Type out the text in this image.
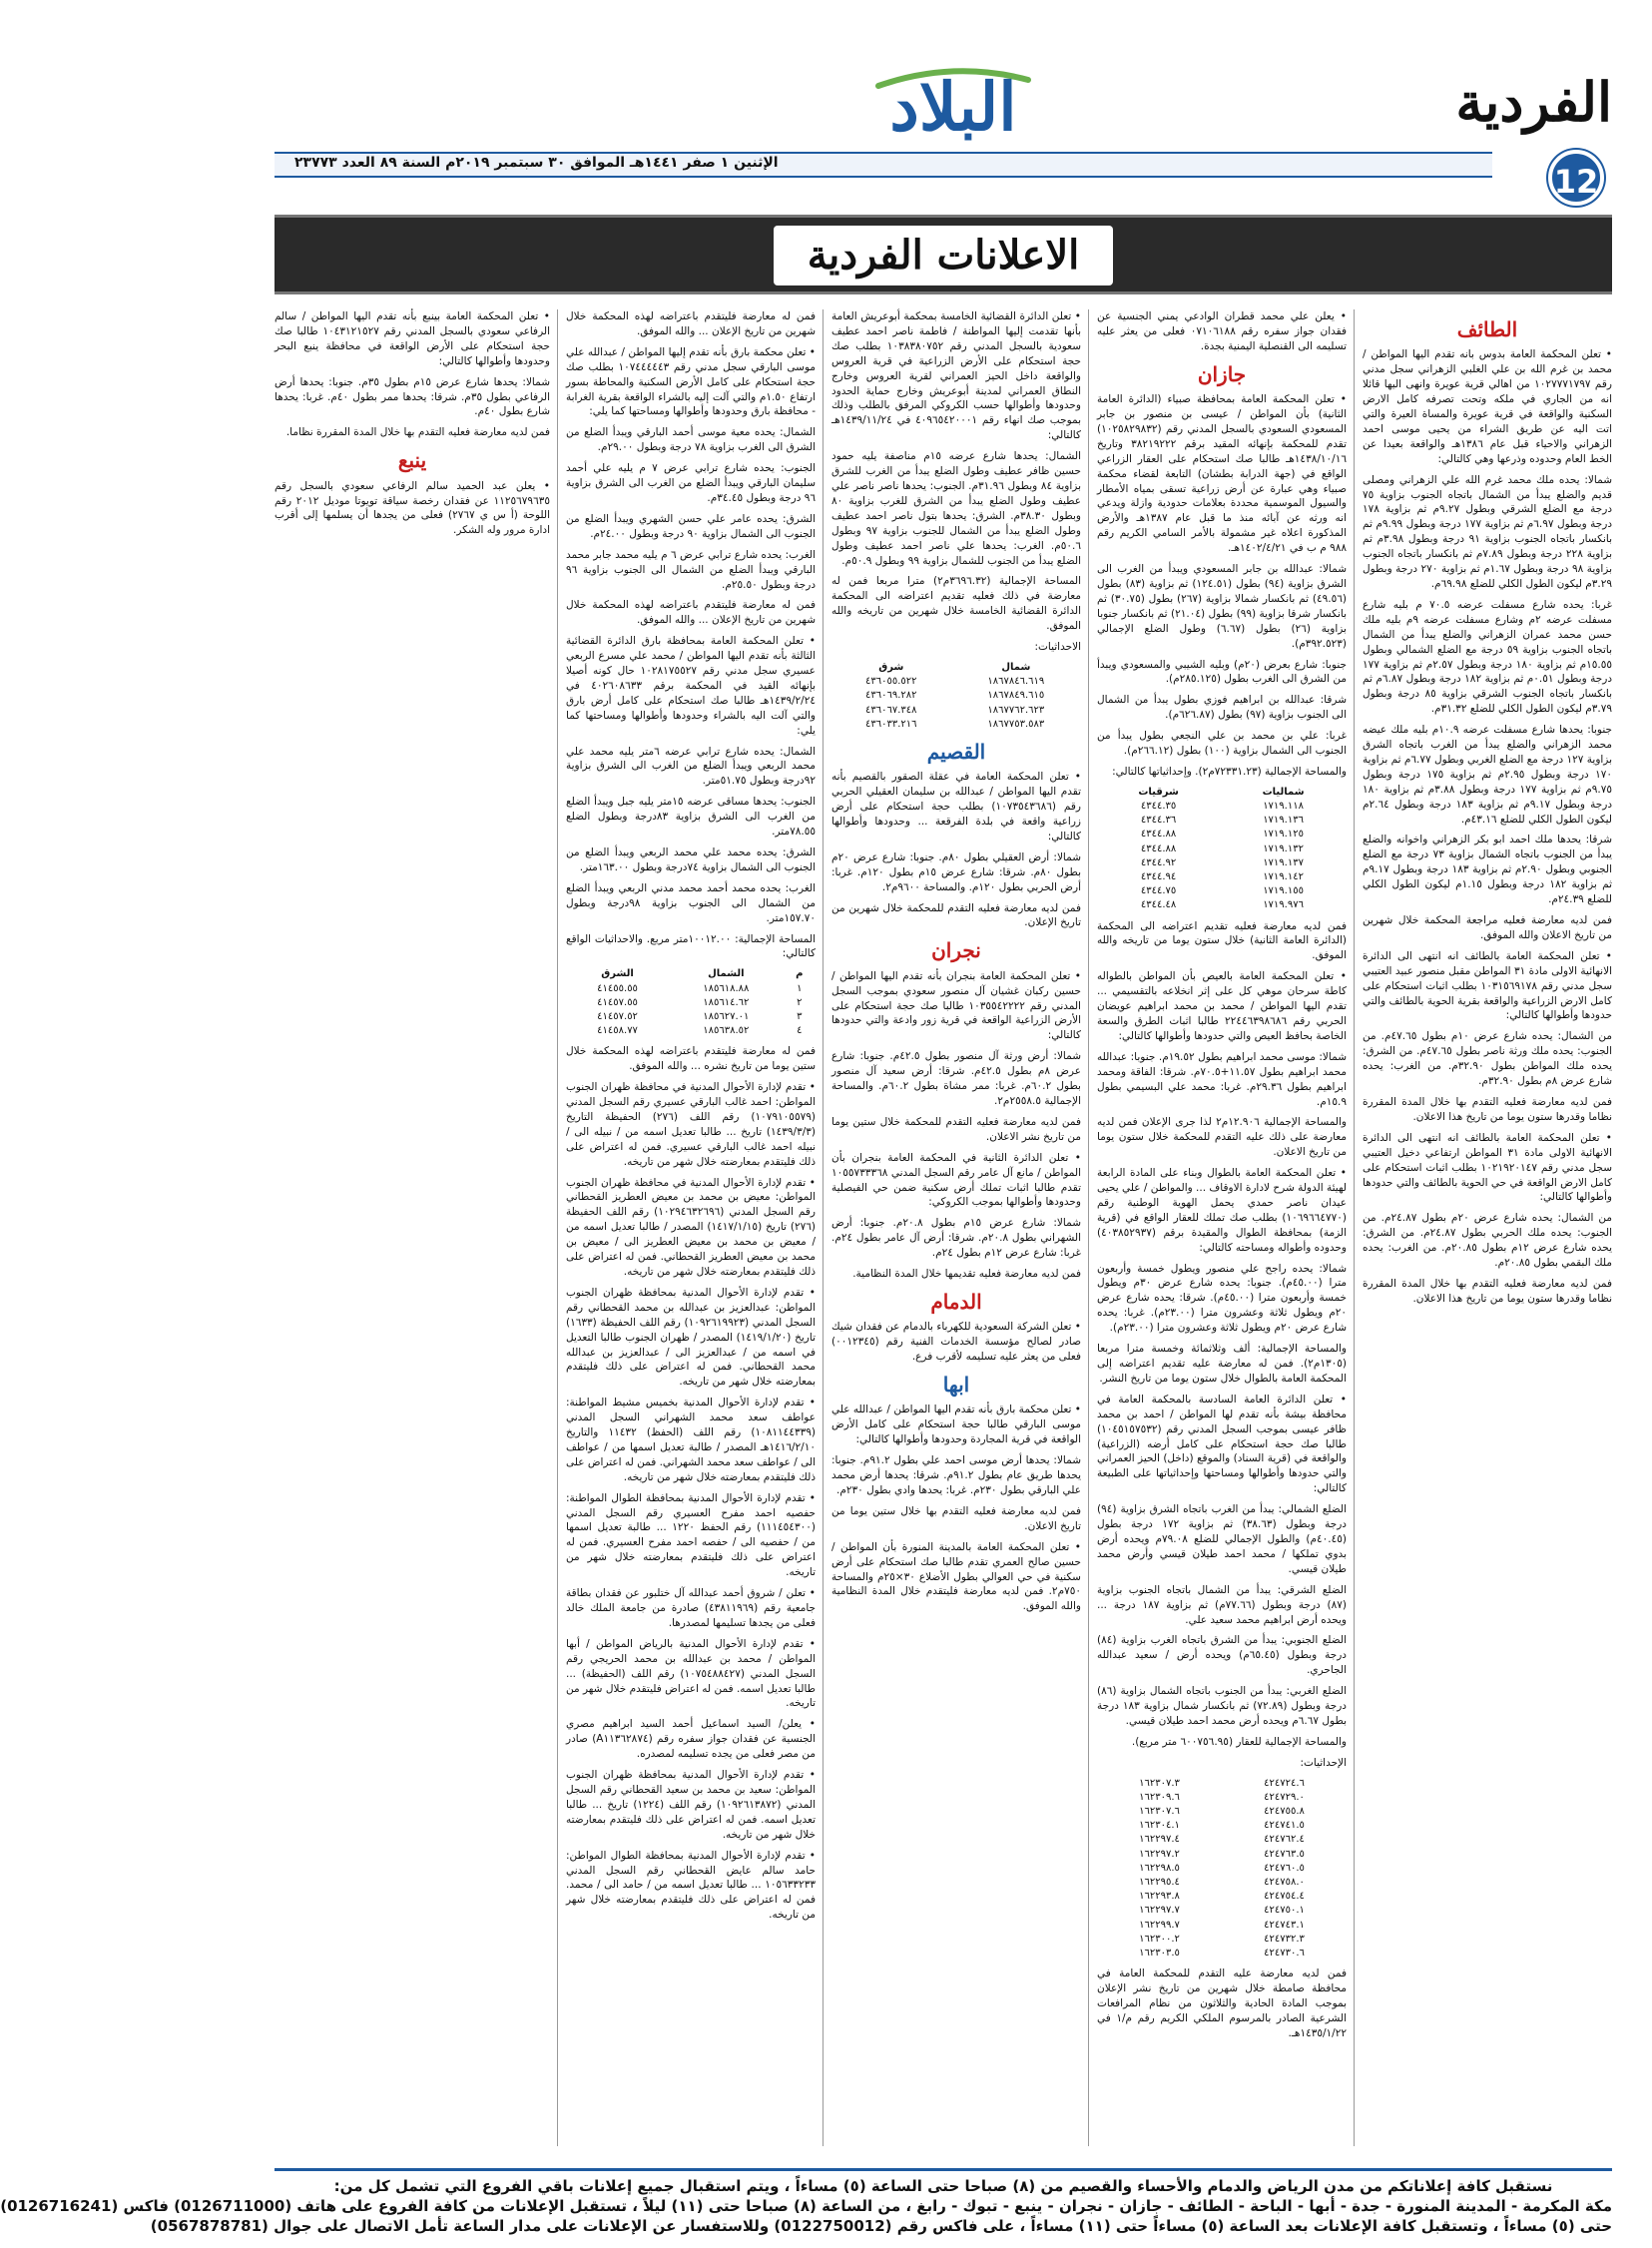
الفردية
12
البلاد
الإثنين ١ صفر ١٤٤١هـ الموافق ٣٠ سبتمبر ٢٠١٩م السنة ٨٩ العدد ٢٣٧٧٣
الاعلانات الفردية
الطائف

• تعلن المحكمة العامة بدوس بانه تقدم اليها المواطن / محمد بن غرم الله بن علي الغلبي الزهراني سجل مدني رقم ١٠٢٧٧٧١٧٩٧ من اهالي قرية عويرة وانهى اليها قائلا انه من الجاري في ملكه وتحت تصرفه كامل الارض السكنية والواقعة في قرية عويرة والمساة العيرة والتي اتت اليه عن طريق الشراء من يحيى موسى احمد الزهراني والاحياء قبل عام ١٣٨٦هـ والواقعة بعيدا عن الخط العام وحدوده وذرعها وهي كالتالي:

شمالا: يحده ملك محمد غرم الله علي الزهراني ومصلى قديم والضلع يبدأ من الشمال باتجاه الجنوب بزاوية ٧٥ درجة مع الضلع الشرقي وبطول ٩.٢٧م ثم بزاوية ١٧٨ درجة وبطول ٦.٩٧م ثم بزاوية ١٧٧ درجة وبطول ٩.٩٩م ثم بانكسار باتجاه الجنوب بزاوية ٩١ درجة وبطول ٣.٩٨م ثم بزاوية ٢٢٨ درجة وبطول ٧.٨٩م ثم بانكسار باتجاه الجنوب بزاوية ٩٨ درجة وبطول ١.٦٧م ثم بزاوية ٢٧٠ درجة وبطول ٣.٢٩م ليكون الطول الكلي للضلع ٦٩.٩٨م.

غربا: يحده شارع مسفلت عرضه ٧٠.٥ م بليه شارع مسفلت عرضه ٢م وشارع مسفلت عرضه ٩م بليه ملك حسن محمد عمران الزهراني والضلع يبدأ من الشمال باتجاه الجنوب بزاوية ٥٩ درجة مع الضلع الشمالي وبطول ١٥.٥٥م ثم بزاوية ١٨٠ درجة وبطول ٢.٥٧م ثم بزاوية ١٧٧ درجة وبطول ٠.٥١م ثم بزاوية ١٨٢ درجة وبطول ٦.٨٧م ثم بانكسار باتجاه الجنوب الشرقي بزاوية ٨٥ درجة وبطول ٣.٧٩م ليكون الطول الكلي للضلع ٣١.٣٢م.

جنوبا: يحدها شارع مسفلت عرضه ١٠.٩م بليه ملك عيضه محمد الزهراني والضلع يبدأ من الغرب باتجاه الشرق بزاوية ١٢٧ درجة مع الضلع الغربي وبطول ٦.٧٧م ثم بزاوية ١٧٠ درجة وبطول ٢.٩٥م ثم بزاوية ١٧٥ درجة وبطول ٩.٧٥م ثم بزاوية ١٧٧ درجة وبطول ٣.٨٨م ثم بزاوية ١٨٠ درجة وبطول ٩.١٧م ثم بزاوية ١٨٣ درجة وبطول ٢.٦٤م ليكون الطول الكلي للضلع ٤٣.١٦م.

شرقا: يحدها ملك احمد ابو بكر الزهراني واخوانه والضلع يبدأ من الجنوب باتجاه الشمال بزاوية ٧٣ درجة مع الضلع الجنوبي وبطول ٢.٩٠م ثم بزاوية ١٨٣ درجة وبطول ٩.١٧م ثم بزاوية ١٨٢ درجة وبطول ١.١٥م ليكون الطول الكلي للضلع ٢٤.٣٩م.

فمن لديه معارضة فعليه مراجعة المحكمة خلال شهرين من تاريخ الاعلان والله الموفق.

• تعلن المحكمة العامة بالطائف انه انتهى الى الدائرة الانهائية الاولى مادة ٣١ المواطن مقبل منصور عبيد العتيبي سجل مدني رقم ١٠٣١٥٦٩١٧٨ بطلب اثبات استحكام على كامل الارض الزراعية والواقعة بقرية الحوية بالطائف والتي حدودها وأطوالها كالتالي:

من الشمال: يحده شارع عرض ١٠م بطول ٤٧.٦٥م. من الجنوب: يحده ملك ورثة ناصر بطول ٤٧.٦٥م. من الشرق: يحده ملك المواطن بطول ٣٢.٩٠م. من الغرب: يحده شارع عرض ٨م بطول ٣٢.٩٠م.

فمن لديه معارضة فعليه التقدم بها خلال المدة المقررة نظاما وقدرها ستون يوما من تاريخ هذا الاعلان.

• تعلن المحكمة العامة بالطائف انه انتهى الى الدائرة الانهائية الاولى مادة ٣١ المواطن ارتفاعي دخيل العتيبي سجل مدني رقم ١٠٢١٩٢٠١٤٧ بطلب اثبات استحكام على كامل الارض الواقعة في حي الحوية بالطائف والتي حدودها وأطوالها كالتالي:

من الشمال: يحده شارع عرض ٢٠م بطول ٢٤.٨٧م. من الجنوب: يحده ملك الحربي بطول ٢٤.٨٧م. من الشرق: يحده شارع عرض ١٢م بطول ٢٠.٨٥م. من الغرب: يحده ملك البقمي بطول ٢٠.٨٥م.

فمن لديه معارضة فعليه التقدم بها خلال المدة المقررة نظاما وقدرها ستون يوما من تاريخ هذا الاعلان.

• يعلن علي محمد قطران الوادعي يمني الجنسية عن فقدان جواز سفره رقم ٠٧١٠٦١٨٨ فعلى من يعثر عليه تسليمه الى القنصلية اليمنية بجدة.

جازان

• تعلن المحكمة العامة بمحافظة صبياء (الدائرة العامة الثانية) بأن المواطن / عيسى بن منصور بن جابر المسعودي السعودي بالسجل المدني رقم (١٠٢٥٨٢٩٨٣٢) تقدم للمحكمة بإنهائه المقيد برقم ٣٨٢١٩٢٢٢ وتاريخ ١٤٣٨/١٠/١٦هـ طالبا صك استحكام على العقار الزراعي الواقع في (جهة الدرابة بطشان) التابعة لقضاء محكمة صبياء وهي عبارة عن أرض زراعية تسقى بمياه الأمطار والسيول الموسمية محددة بعلامات حدودية وازلة ويدعي انه ورثه عن آبائه منذ ما قبل عام ١٣٨٧هـ والأرض المذكورة اعلاه غير مشمولة بالأمر السامي الكريم رقم ٩٨٨ م ب في ١٤٠٢/٤/٢١هـ.

شمالا: عبدالله بن جابر المسعودي ويبدأ من الغرب الى الشرق بزاوية (٩٤) بطول (١٢٤.٥١) ثم بزاوية (٨٣) بطول (٤٩.٥٦) ثم بانكسار شمالا بزاوية (٢٦٧) بطول (٣٠.٧٥) ثم بانكسار شرقا بزاوية (٩٩) بطول (٢١.٠٤) ثم بانكسار جنوبا بزاوية (٢٦) بطول (٦.٦٧) وطول الضلع الإجمالي (٣٩٢.٥٢٣م).

جنوبا: شارع بعرض (٢٠م) وبليه الشيبي والمسعودي ويبدأ من الشرق الى الغرب بطول (٢٨٥.١٢٥م).

شرقا: عبدالله بن ابراهيم فوزي بطول يبدأ من الشمال الى الجنوب بزاوية (٩٧) بطول (٦٢٦.٨٧م).

غربا: علي بن محمد بن علي النجعي بطول يبدأ من الجنوب الى الشمال بزاوية (١٠٠) بطول (٢٦٦.١٢م).

والمساحة الإجمالية (٧٢٣٣١.٢٣م٢). وإحداثياتها كالتالي:

شرقيات	شماليات
٤٣٤٤.٣٥	١٧١٩.١١٨
٤٣٤٤.٣٦	١٧١٩.١٣٦
٤٣٤٤.٨٨	١٧١٩.١٢٥
٤٣٤٤.٨٨	١٧١٩.١٣٢
٤٣٤٤.٩٢	١٧١٩.١٣٧
٤٣٤٤.٩٤	١٧١٩.١٤٢
٤٣٤٤.٧٥	١٧١٩.١٥٥
٤٣٤٤.٤٨	١٧١٩.٩٧٦

فمن لديه معارضة فعليه تقديم اعتراضه الى المحكمة (الدائرة العامة الثانية) خلال ستون يوما من تاريخه والله الموفق.

• تعلن المحكمة العامة بالعيص بأن المواطن بالطواله كاطة سرحان موهي كل على إثر انخلاعه بالتقسيمي ... تقدم اليها المواطن / محمد بن محمد ابراهيم عويضان الحربي رقم ٢٢٤٤٦٣٩٨٦٨٦ طالبا اثبات الطرق والسعة الخاصة بحافظ العيص والتي حدودها وأطوالها كالتالي:

شمالا: موسى محمد ابراهيم بطول ١٩.٥٢م. جنوبا: عبدالله محمد ابراهيم بطول ١١.٥٧+٧٠.٥م. شرقا: الفاقة ومحمد ابراهيم بطول ٢٩.٣٦م. غربا: محمد علي البسيمي بطول ١٥.٩م.

والمساحة الإجمالية ١٢.٩٠٦م٢ لذا جرى الإعلان فمن لديه معارضة على ذلك عليه التقدم للمحكمة خلال ستون يوما من تاريخ الاعلان.

• تعلن المحكمة العامة بالطوال وبناء على المادة الرابعة لهيئة الدولة شرح لادارة الاوقاف ... والمواطن / علي يحيى عيدان ناصر حمدي يحمل الهوية الوطنية رقم (١٠٦٩٦٦٤٧٧٠) بطلب صك تملك للعقار الواقع في (قرية الزمة) بمحافظة الطوال والمقيدة برقم (٤٠٣٨٥٢٩٣٧) وحدوده وأطواله ومساحته كالتالي:

شمالا: يحده راجح علي منصور ويطول خمسة وأربعون مترا (٤٥.٠٠م). جنوبا: يحده شارع عرض ٣٠م ويطول خمسة وأربعون مترا (٤٥.٠٠م). شرقا: يحده شارع عرض ٢٠م ويطول ثلاثة وعشرون مترا (٢٣.٠٠م). غربا: يحده شارع عرض ٢٠م ويطول ثلاثة وعشرون مترا (٢٣.٠٠م).

والمساحة الإجمالية: ألف وثلاثمائة وخمسة مترا مربعا (١٣٠٥م٢). فمن له معارضة عليه تقديم اعتراضه إلى المحكمة العامة بالطوال خلال ستون يوما من تاريخ النشر.

• تعلن الدائرة العامة السادسة بالمحكمة العامة في محافظة بيشة بأنه تقدم لها المواطن / احمد بن محمد ظافر عيسى بموجب السجل المدني رقم (١٠٤٥١٥٧٥٣٢) طالبا صك حجة استحكام على كامل أرضه (الزراعية) والواقعة في (قرية السناد) والموقع (داخل) الحيز العمراني والتي حدودها وأطوالها ومساحتها وإحداثياتها على الطبيعة كالتالي:

الضلع الشمالي: يبدأ من الغرب باتجاه الشرق بزاوية (٩٤) درجة وبطول (٣٨.٦٣) ثم بزاوية ١٧٢ درجة بطول (٤٠.٤٥م) والطول الإجمالي للضلع ٧٩.٠٨م ويحده أرض بدوي تملكها / محمد احمد طيلان قيسي وأرض محمد طيلان قيسي.

الضلع الشرقي: يبدأ من الشمال باتجاه الجنوب بزاوية (٨٧) درجة وبطول (٧٧.٦٦م) ثم بزاوية ١٨٧ درجة ... ويحده أرض ابراهيم محمد سعيد علي.

الضلع الجنوبي: يبدأ من الشرق باتجاه الغرب بزاوية (٨٤) درجة وبطول (٦٥.٤٥م) ويحده أرض / سعيد عبدالله الجاحري.

الضلع الغربي: يبدأ من الجنوب باتجاه الشمال بزاوية (٨٦) درجة وبطول (٧٢.٨٩) ثم بانكسار شمال بزاوية ١٨٣ درجة بطول ٦.٦٧م ويحده أرض محمد احمد طيلان قيسي.

والمساحة الإجمالية للعقار (٦٠٠٧٥٦.٩٥ متر مربع).

الإحداثيات:

١٦٢٣٠٧.٣	٤٢٤٧٢٤.٦
١٦٢٣٠٩.٦	٤٢٤٧٢٩.٠
١٦٢٣٠٧.٦	٤٢٤٧٥٥.٨
١٦٢٣٠٤.١	٤٢٤٧٤١.٥
١٦٢٢٩٧.٤	٤٢٤٧٦٢.٤
١٦٢٢٩٧.٢	٤٢٤٧٦٣.٥
١٦٢٢٩٨.٥	٤٢٤٧٦٠.٥
١٦٢٢٩٥.٤	٤٢٤٧٥٨.٠
١٦٢٢٩٣.٨	٤٢٤٧٥٤.٤
١٦٢٢٩٧.٧	٤٢٤٧٥٠.١
١٦٢٢٩٩.٧	٤٢٤٧٤٣.١
١٦٢٣٠٠.٢	٤٢٤٧٣٢.٣
١٦٢٣٠٣.٥	٤٢٤٧٣٠.٦

فمن لديه معارضة عليه التقدم للمحكمة العامة في محافظة صامطة خلال شهرين من تاريخ نشر الإعلان بموجب المادة الحادية والثلاثون من نظام المرافعات الشرعية الصادر بالمرسوم الملكي الكريم رقم م/١ في ١٤٣٥/١/٢٢هـ.

• تعلن الدائرة القضائية الخامسة بمحكمة أبوعريش العامة بأنها تقدمت إليها المواطنة / فاطمة ناصر احمد عطيف سعودية بالسجل المدني رقم ١٠٣٨٣٨٠٧٥٢ بطلب صك حجة استحكام على الأرض الزراعية في قرية العروس والواقعة داخل الحيز العمراني لقرية العروس وخارج النطاق العمراني لمدينة أبوعريش وخارج حماية الحدود وحدودها وأطوالها حسب الكروكي المرفق بالطلب وذلك بموجب صك انهاء رقم ٤٠٩٦٥٤٢٠٠٠١ في ١٤٣٩/١١/٢٤هـ كالتالي:

الشمال: يحدها شارع عرضه ١٥م مناصفة يليه حمود حسين ظافر عطيف وطول الضلع يبدأ من الغرب للشرق بزاوية ٨٤ وبطول ٣١.٩٦م. الجنوب: يحدها ناصر ناصر علي عطيف وطول الضلع يبدأ من الشرق للغرب بزاوية ٨٠ وبطول ٣٨.٣٠م. الشرق: يحدها بتول ناصر احمد عطيف وطول الضلع يبدأ من الشمال للجنوب بزاوية ٩٧ وبطول ٥٠.٦م. الغرب: يحدها علي ناصر احمد عطيف وطول الضلع يبدأ من الجنوب للشمال بزاوية ٩٩ وبطول ٥٠.٩م.

المساحة الإجمالية (٣٦٩٦.٣٢م٢) مترا مربعا فمن له معارضة في ذلك فعليه تقديم اعتراضه الى المحكمة الدائرة القضائية الخامسة خلال شهرين من تاريخه والله الموفق.

الاحداثيات:

شرق	شمال
٤٣٦٠٥٥.٥٢٢	١٨٦٧٨٤٦.٦١٩
٤٣٦٠٦٩.٢٨٢	١٨٦٧٨٤٩.٦١٥
٤٣٦٠٦٧.٣٤٨	١٨٦٧٧٦٢.٦٢٣
٤٣٦٠٣٣.٢١٦	١٨٦٧٧٥٣.٥٨٣
القصيم

• تعلن المحكمة العامة في عقلة الصقور بالقصيم بأنه تقدم اليها المواطن / عبدالله بن سليمان العقيلي الحربي رقم (١٠٧٣٥٤٣٦٨٦) بطلب حجة استحكام على أرض زراعية واقعة في بلدة الفرقعة ... وحدودها وأطوالها كالتالي:

شمالا: أرض العقيلي بطول ٨٠م. جنوبا: شارع عرض ٢٠م بطول ٨٠م. شرقا: شارع عرض ١٥م بطول ١٢٠م. غربا: أرض الحربي بطول ١٢٠م. والمساحة ٩٦٠٠م٢.

فمن لديه معارضة فعليه التقدم للمحكمة خلال شهرين من تاريخ الإعلان.

نجران

• تعلن المحكمة العامة بنجران بأنه تقدم اليها المواطن / حسين ركبان غشيان آل منصور سعودي بموجب السجل المدني رقم ١٠٣٥٥٤٢٢٢٢ طالبا صك حجة استحكام على الأرض الزراعية الواقعة في قرية زور وادعة والتي حدودها كالتالي:

شمالا: أرض ورثة آل منصور بطول ٤٢.٥م. جنوبا: شارع عرض ٨م بطول ٤٢.٥م. شرقا: أرض سعيد آل منصور بطول ٦٠.٢م. غربا: ممر مشاة بطول ٦٠.٢م. والمساحة الإجمالية ٢٥٥٨.٥م٢.

فمن لديه معارضة فعليه التقدم للمحكمة خلال ستين يوما من تاريخ نشر الاعلان.

• تعلن الدائرة الثانية في المحكمة العامة بنجران بأن المواطن / مانع آل عامر رقم السجل المدني ١٠٥٥٧٣٣٣٦٨ تقدم طالبا اثبات تملك أرض سكنية ضمن حي الفيصلية وحدودها وأطوالها بموجب الكروكي:

شمالا: شارع عرض ١٥م بطول ٢٠.٨م. جنوبا: أرض الشهراني بطول ٢٠.٨م. شرقا: أرض آل عامر بطول ٢٤م. غربا: شارع عرض ١٢م بطول ٢٤م.

فمن لديه معارضة فعليه تقديمها خلال المدة النظامية.

الدمام

• تعلن الشركة السعودية للكهرباء بالدمام عن فقدان شيك صادر لصالح مؤسسة الخدمات الفنية رقم (٠٠١٢٣٤٥) فعلى من يعثر عليه تسليمه لأقرب فرع.

ابها

• تعلن محكمة بارق بأنه تقدم اليها المواطن / عبدالله علي موسى البارقي طالبا حجة استحكام على كامل الأرض الواقعة في قرية المجاردة وحدودها وأطوالها كالتالي:

شمالا: يحدها أرض موسى احمد علي بطول ٩١.٢م. جنوبا: يحدها طريق عام بطول ٩١.٢م. شرقا: يحدها أرض محمد علي البارقي بطول ٢٣٠م. غربا: يحدها وادي بطول ٢٣٠م.

فمن لديه معارضة فعليه التقدم بها خلال ستين يوما من تاريخ الاعلان.

• تعلن المحكمة العامة بالمدينة المنورة بأن المواطن / حسين صالح العمري تقدم طالبا صك استحكام على أرض سكنية في حي العوالي بطول الأضلاع ٣٠×٢٥م والمساحة ٧٥٠م٢. فمن لديه معارضة فليتقدم خلال المدة النظامية والله الموفق.

فمن له معارضة فليتقدم باعتراضه لهذه المحكمة خلال شهرين من تاريخ الإعلان ... والله الموفق.

• تعلن محكمة بارق بأنه تقدم إليها المواطن / عبدالله علي موسى البارقي سجل مدني رقم ١٠٧٤٤٤٤٤٣ بطلب صك حجة استحكام على كامل الأرض السكنية والمحاطة بسور ارتفاع ١.٥٠م والتي آلت إليه بالشراء الواقعة بقرية الغرابة - محافظة بارق وحدودها وأطوالها ومساحتها كما يلي:

الشمال: يحده معية موسى أحمد البارقي ويبدأ الضلع من الشرق الى الغرب بزاوية ٧٨ درجة وبطول ٢٩.٠٠م.

الجنوب: يحده شارع ترابي عرض ٧ م يليه علي أحمد سليمان البارقي ويبدأ الضلع من الغرب الى الشرق بزاوية ٩٦ درجة وبطول ٣٤.٤٥م.

الشرق: يحده عامر علي حسن الشهري ويبدأ الضلع من الجنوب الى الشمال بزاوية ٩٠ درجة وبطول ٢٤.٠٠م.

الغرب: يحده شارع ترابي عرض ٦ م يليه محمد جابر محمد البارقي ويبدأ الضلع من الشمال الى الجنوب بزاوية ٩٦ درجة وبطول ٢٥.٥٠م.

فمن له معارضة فليتقدم باعتراضه لهذه المحكمة خلال شهرين من تاريخ الإعلان ... والله الموفق.

• تعلن المحكمة العامة بمحافظة بارق الدائرة القضائية الثالثة بأنه تقدم اليها المواطن / محمد علي مسرع الربعي عسيري سجل مدني رقم ١٠٢٨١٧٥٥٢٧ حال كونه أصيلا بإنهائه القيد في المحكمة برقم ٤٠٢٦٠٨٦٣٣ في ١٤٣٩/٢/٢٤هـ طالبا صك استحكام على كامل أرض بارق والتي آلت اليه بالشراء وحدودها وأطوالها ومساحتها كما يلي:

الشمال: يحده شارع ترابي عرضه ٦متر يليه محمد علي محمد الربعي ويبدأ الضلع من الغرب الى الشرق بزاوية ٩٢درجة وبطول ٥١.٧٥متر.

الجنوب: يحدها مساقى عرضه ١٥متر يليه جبل ويبدأ الضلع من الغرب الى الشرق بزاوية ٨٣درجة وبطول الضلع ٧٨.٥٥متر.

الشرق: يحده محمد علي محمد الربعي ويبدأ الضلع من الجنوب الى الشمال بزاوية ٧٤درجة وبطول ١٦٣.٠٠متر.

الغرب: يحده محمد أحمد محمد مدني الربعي ويبدأ الضلع من الشمال الى الجنوب بزاوية ٩٨درجة وبطول ١٥٧.٧٠متر.

المساحة الإجمالية: ١٠٠١٢.٠٠متر مربع. والاحداثيات الواقع كالتالي:

الشرق	الشمال	م
٤١٤٥٥.٥٥	١٨٥٦١٨.٨٨	١
٤١٤٥٧.٥٥	١٨٥٦١٤.٦٢	٢
٤١٤٥٧.٥٢	١٨٥٦٢٧.٠١	٣
٤١٤٥٨.٧٧	١٨٥٦٣٨.٥٢	٤

فمن له معارضة فليتقدم باعتراضه لهذه المحكمة خلال ستين يوما من تاريخ نشره ... والله الموفق.

• تقدم لإدارة الأحوال المدنية في محافظة ظهران الجنوب المواطن: احمد غالب البارقي عسيري رقم السجل المدني (١٠٧٩١٠٥٥٧٩) رقم اللف (٢٧٦) الحفيظة التاريخ (١٤٣٩/٣/٣) تاريخ ... طالبا تعديل اسمه من / نبيله الى / نبيله احمد غالب البارقي عسيري. فمن له اعتراض على ذلك فليتقدم بمعارضته خلال شهر من تاريخه.

• تقدم لإدارة الأحوال المدنية في محافظة ظهران الجنوب المواطن: معيض بن محمد بن معيض العطريز القحطاني رقم السجل المدني (١٠٢٩٤٦٣٢٦٩٦) رقم اللف الحفيظة (٢٧٦) تاريخ (١٤١٧/١/١٥) المصدر / طالبا تعديل اسمه من / معيض بن محمد بن معيض العطريز الى / معيض بن محمد بن معيض العطريز القحطاني. فمن له اعتراض على ذلك فليتقدم بمعارضته خلال شهر من تاريخه.

• تقدم لإدارة الأحوال المدنية بمحافظة ظهران الجنوب المواطن: عبدالعزيز بن عبدالله بن محمد القحطاني رقم السجل المدني (١٠٩٢٦١٩٩٢٣) رقم اللف الحفيظة (١٦٣٣) تاريخ (١٤١٩/١/٢٠) المصدر / ظهران الجنوب طالبا التعديل في اسمه من / عبدالعزيز الى / عبدالعزيز بن عبدالله محمد القحطاني. فمن له اعتراض على ذلك فليتقدم بمعارضته خلال شهر من تاريخه.

• تقدم لإدارة الأحوال المدنية بخميس مشيط المواطنة: عواطف سعد محمد الشهراني السجل المدني (١٠٨١١٤٤٣٣٩) رقم اللف (الحفظ) ١١٤٣٢ والتاريخ ١٤١٦/٢/١٠هـ المصدر / طالبة تعديل اسمها من / عواطف الى / عواطف سعد محمد الشهراني. فمن له اعتراض على ذلك فليتقدم بمعارضته خلال شهر من تاريخه.

• تقدم لإدارة الأحوال المدنية بمحافظة الطوال المواطنة: حفصيه احمد مفرح العسيري رقم السجل المدني (١١١٤٥٤٣٠٠) رقم الحفظ ١٢٢٠ ... طالبة تعديل اسمها من / حفصيه الى / حفصه احمد مفرح العسيري. فمن له اعتراض على ذلك فليتقدم بمعارضته خلال شهر من تاريخه.

• تعلن / شروق أحمد عبدالله آل ختلبور عن فقدان بطاقة جامعية رقم (٤٣٨١١٩٦٩) صادرة من جامعة الملك خالد فعلى من يجدها تسليمها لمصدرها.

• تقدم لإدارة الأحوال المدنية بالرياض المواطن / أبها المواطن / محمد بن عبدالله بن محمد الحريجي رقم السجل المدني (١٠٧٥٤٨٨٤٢٧) رقم اللف (الحفيظة) ... طالبا تعديل اسمه. فمن له اعتراض فليتقدم خلال شهر من تاريخه.

• يعلن/ السيد اسماعيل أحمد السيد ابراهيم مصري الجنسية عن فقدان جواز سفره رقم (A١١٣٦٢٨٧٤) صادر من مصر فعلى من يجده تسليمه لمصدره.

• تقدم لإدارة الأحوال المدنية بمحافظة ظهران الجنوب المواطن: سعيد بن محمد بن سعيد القحطاني رقم السجل المدني (١٠٩٢٦١٣٨٧٢) رقم اللف (١٢٢٤) تاريخ ... طالبا تعديل اسمه. فمن له اعتراض على ذلك فليتقدم بمعارضته خلال شهر من تاريخه.

• تقدم لإدارة الأحوال المدنية بمحافظة الطوال المواطن: حامد سالم عايض القحطاني رقم السجل المدني ١٠٥٦٣٣٢٣٣ ... طالبا تعديل اسمه من / حامد الى / محمد. فمن له اعتراض على ذلك فليتقدم بمعارضته خلال شهر من تاريخه.

• تعلن المحكمة العامة بينبع بأنه تقدم اليها المواطن / سالم الرفاعي سعودي بالسجل المدني رقم ١٠٤٣١٢١٥٢٧ طالبا صك حجة استحكام على الأرض الواقعة في محافظة ينبع البحر وحدودها وأطوالها كالتالي:

شمالا: يحدها شارع عرض ١٥م بطول ٣٥م. جنوبا: يحدها أرض الرفاعي بطول ٣٥م. شرقا: يحدها ممر بطول ٤٠م. غربا: يحدها شارع بطول ٤٠م.

فمن لديه معارضة فعليه التقدم بها خلال المدة المقررة نظاما.

ينبع

• يعلن عبد الحميد سالم الرفاعي سعودي بالسجل رقم ١١٢٥٦٧٩٦٣٥ عن فقدان رخصة سياقة تويوتا موديل ٢٠١٢ رقم اللوحة (أ س ي ٢٧٦٧) فعلى من يجدها أن يسلمها إلى أقرب ادارة مرور وله الشكر.

نستقبل كافة إعلاناتكم من مدن الرياض والدمام والأحساء والقصيم من (٨) صباحا حتى الساعة (٥) مساءاً ، ويتم استقبال جميع إعلانات باقي الفروع التي تشمل كل من:
مكة المكرمة - المدينة المنورة - جدة - أبها - الباحة - الطائف - جازان - نجران - ينبع - تبوك - رابغ ، من الساعة (٨) صباحا حتى (١١) ليلاً ، تستقبل الإعلانات من كافة الفروع على هاتف (0126711000) فاكس (0126716241)
حتى (٥) مساءاً ، وتستقبل كافة الإعلانات بعد الساعة (٥) مساءاً حتى (١١) مساءاً ، على فاكس رقم (0122750012) وللاستفسار عن الإعلانات على مدار الساعة تأمل الاتصال على جوال (0567878781)
